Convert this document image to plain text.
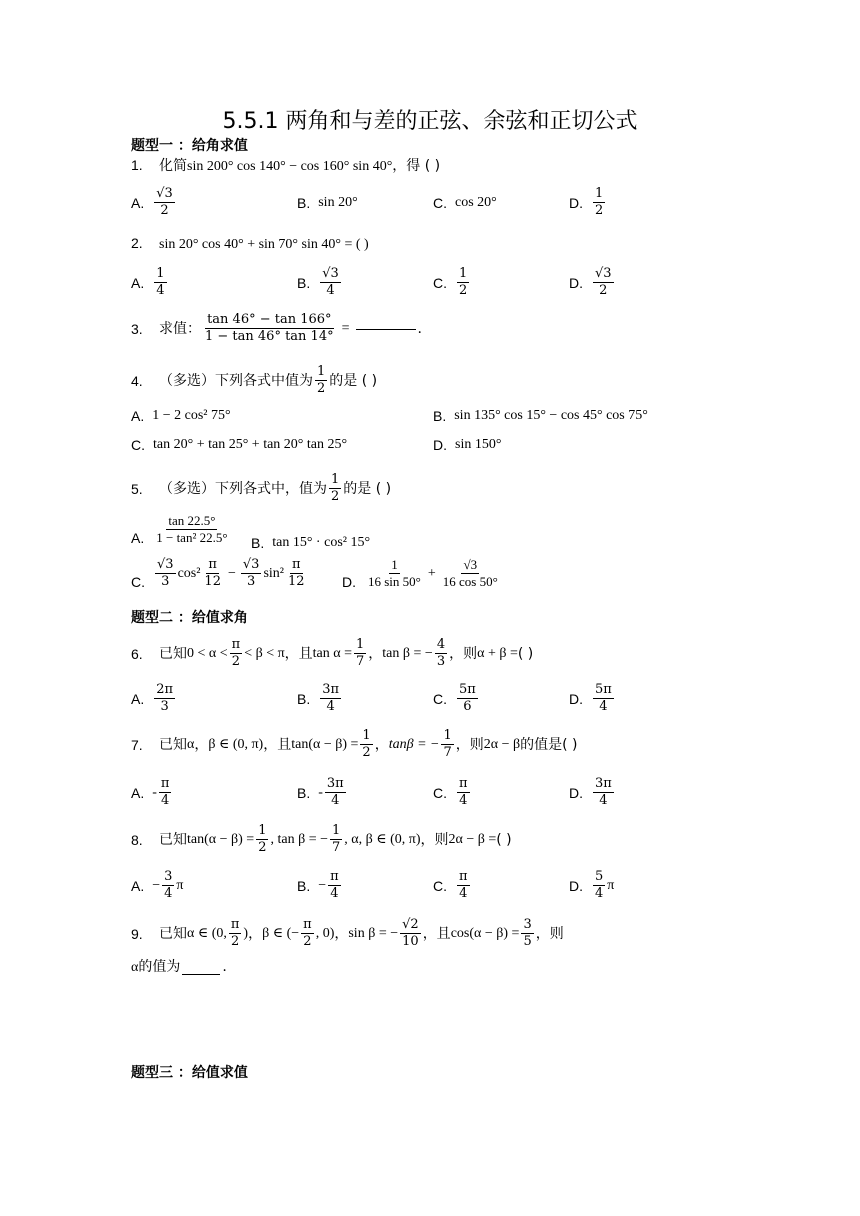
5.5.1 两角和与差的正弦、余弦和正切公式
题型一 ：给角求值
1. 化简sin 200° cos 140° − cos 160° sin 40°，得 ( )
A. $\frac{√3}{2}$	B. sin 20°	C. cos 20°	D. $\frac{1}{2}$
2. sin 20° cos 40° + sin 70° sin 40° = ( )
A. $\frac{1}{4}$	B. $\frac{√3}{4}$	C. $\frac{1}{2}$	D. $\frac{√3}{2}$
3.	求值： $\frac{\tan 46^\circ - \tan 166^\circ}{1 - \tan 46^\circ \tan 14^\circ}$ =	.
4.	（多选）下列各式中值为 $\frac{1}{2}$ 的是 ( )
A. 1 − 2 cos² 75°	B. sin 135° cos 15° − cos 45° cos 75°
C. tan 20° + tan 25° + tan 20° tan 25°	D. sin 150°
5.	（多选）下列各式中，值为 $\frac{1}{2}$ 的是 ( )
A. $\frac{\tan 22.5^\circ}{\text{1 − tan² 22.5°}} B$. tan 15° · cos² 15°
C. $\frac{√3}{3} \cos^2 \frac{\pi}{12} - \frac{√3}{3} \sin^2 \frac{\pi}{12}$	D. $\frac{1}{16 \sin 50^\circ} + \frac{√3}{16 \cos 50^\circ}$
题型二 ：给值求角
6.	已知 $0 < \alpha < \frac{\pi}{2} < \beta < \pi$ ，且 $\tan \alpha = \frac{1}{7}$ ， tan β = − $\frac{4}{3}$ ，则 α + β = ( )
A. $\frac{2\pi}{3}$	B. $\frac{3\pi}{4}$	C. $\frac{5\pi}{6}$	D. $\frac{5\pi}{4}$
7.	已知 α ， β ∈ (0, π) ，且 $\tan(\alpha - \beta) = \frac{1}{2}$ ， tanβ = − $\frac{1}{7}$ ，则 2α − β 的值是( )
A. - $\frac{\pi}{4}$	B. - $\frac{3\pi}{4}$	C. $\frac{\pi}{4}$	D. $\frac{3\pi}{4}$
8.	已知 $\tan(\alpha - \beta) = \frac{1}{2}$ , tan β = − $\frac{1}{7}$ , α, β ∈ (0, π) ，则 2α − β = ( )
A. − $\frac{3}{4}$ π	B. − $\frac{\pi}{4}$	C. $\frac{\pi}{4}$	D. $\frac{5}{4}$ π
9.	已知 α ∈ (0, $\frac{\pi}{2}$ ) ， β ∈ (− $\frac{\pi}{2}$ , 0) ， sin β = − $\frac{√2}{10}$ ，且 $\cos(\alpha - \beta) = \frac{3}{5}$ ，则
α的值为	.
题型三 ：给值求值
